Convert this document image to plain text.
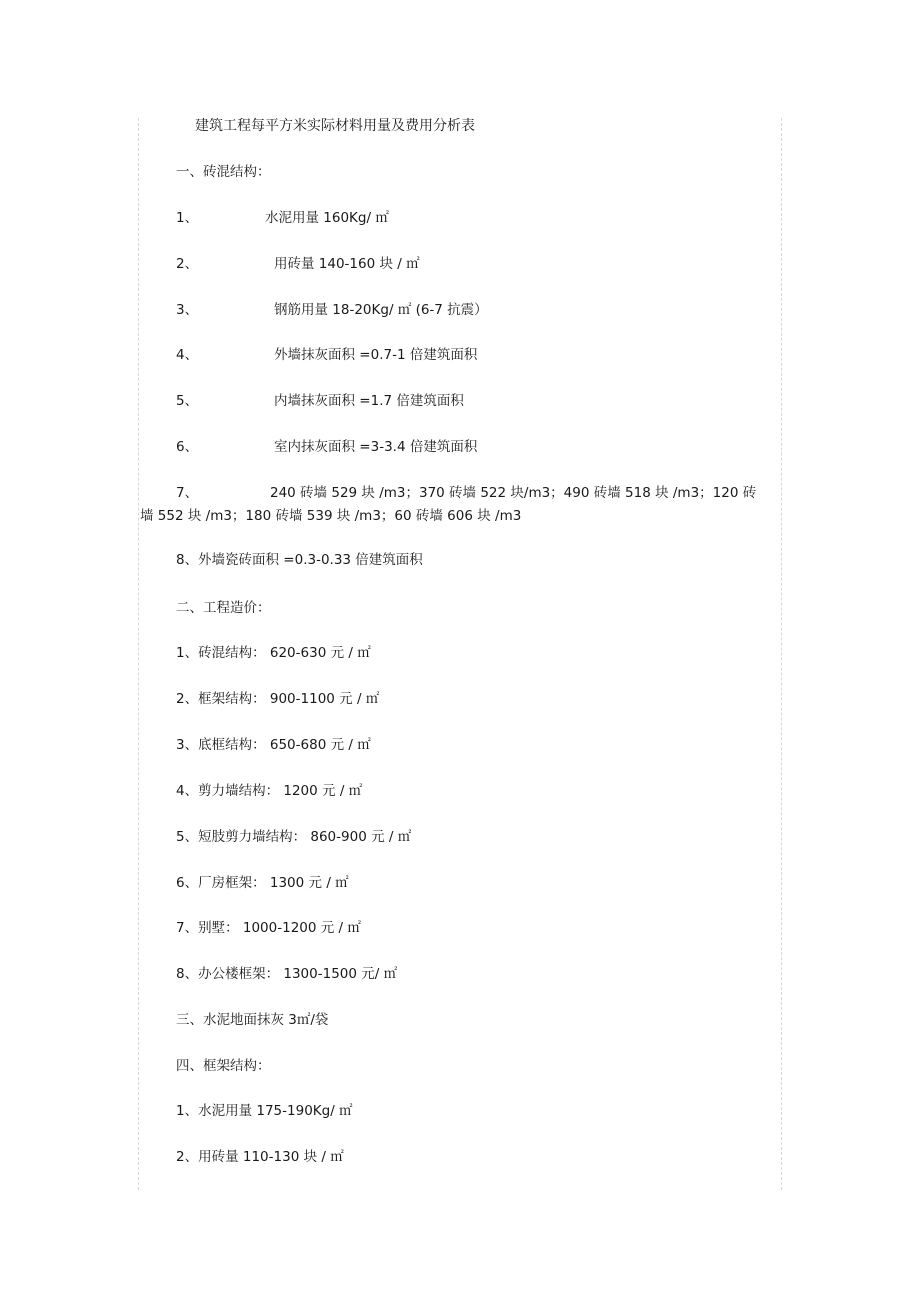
建筑工程每平方米实际材料用量及费用分析表
一、砖混结构：
1、	水泥用量 160Kg/ ㎡
2、	用砖量 140-160 块 / ㎡
3、	钢筋用量 18-20Kg/ ㎡ (6-7 抗震）
4、	外墙抹灰面积 =0.7-1 倍建筑面积
5、	内墙抹灰面积 =1.7 倍建筑面积
6、	室内抹灰面积 =3-3.4 倍建筑面积
7、	240 砖墙 529 块 /m3；370 砖墙 522 块/m3；490 砖墙 518 块 /m3；120 砖
墙 552 块 /m3；180 砖墙 539 块 /m3；60 砖墙 606 块 /m3
8、 外墙瓷砖面积 =0.3-0.33 倍建筑面积
二、工程造价：
1、砖混结构： 620-630 元 / ㎡
2、框架结构： 900-1100 元 / ㎡
3、底框结构： 650-680 元 / ㎡
4、剪力墙结构： 1200 元 / ㎡
5、短肢剪力墙结构： 860-900 元 / ㎡
6、厂房框架： 1300 元 / ㎡
7、别墅： 1000-1200 元 / ㎡
8、办公楼框架： 1300-1500 元/ ㎡
三、水泥地面抹灰 3㎡/袋
四、框架结构：
1、水泥用量 175-190Kg/ ㎡
2、用砖量 110-130 块 / ㎡
